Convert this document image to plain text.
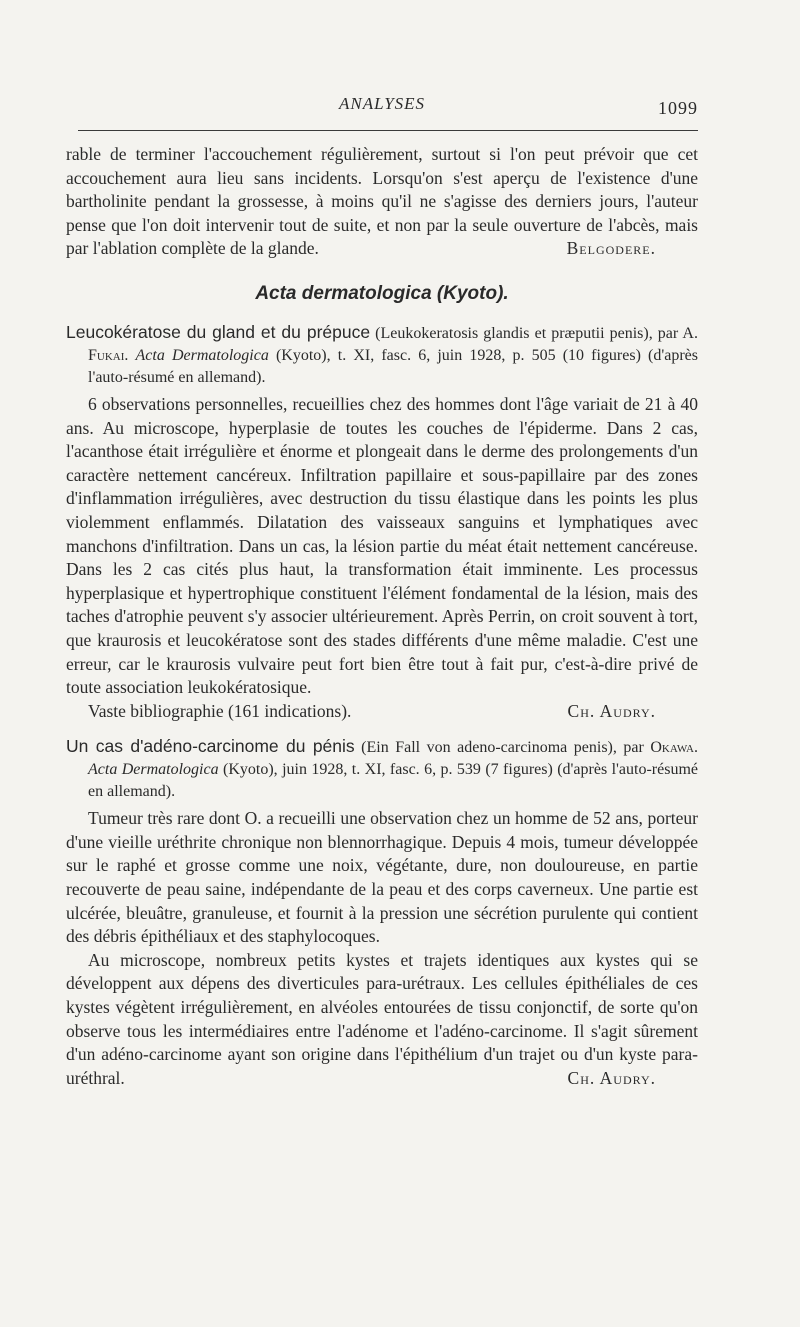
ANALYSES	1099

rable de terminer l'accouchement régulièrement, surtout si l'on peut prévoir que cet accouchement aura lieu sans incidents. Lorsqu'on s'est aperçu de l'existence d'une bartholinite pendant la grossesse, à moins qu'il ne s'agisse des derniers jours, l'auteur pense que l'on doit intervenir tout de suite, et non par la seule ouverture de l'abcès, mais par l'ablation complète de la glande.	Belgodere.

Acta dermatologica (Kyoto).

Leucokératose du gland et du prépuce (Leukokeratosis glandis et præputii penis), par A. Fukai. Acta Dermatologica (Kyoto), t. XI, fasc. 6, juin 1928, p. 505 (10 figures) (d'après l'auto-résumé en allemand).

6 observations personnelles, recueillies chez des hommes dont l'âge variait de 21 à 40 ans. Au microscope, hyperplasie de toutes les couches de l'épiderme. Dans 2 cas, l'acanthose était irrégulière et énorme et plongeait dans le derme des prolongements d'un caractère nettement cancéreux. Infiltration papillaire et sous-papillaire par des zones d'inflammation irrégulières, avec destruction du tissu élastique dans les points les plus violemment enflammés. Dilatation des vaisseaux sanguins et lymphatiques avec manchons d'infiltration. Dans un cas, la lésion partie du méat était nettement cancéreuse. Dans les 2 cas cités plus haut, la transformation était imminente. Les processus hyperplasique et hypertrophique constituent l'élément fondamental de la lésion, mais des taches d'atrophie peuvent s'y associer ultérieurement. Après Perrin, on croit souvent à tort, que kraurosis et leucokératose sont des stades différents d'une même maladie. C'est une erreur, car le kraurosis vulvaire peut fort bien être tout à fait pur, c'est-à-dire privé de toute association leukokératosique.

Vaste bibliographie (161 indications).	Ch. Audry.

Un cas d'adéno-carcinome du pénis (Ein Fall von adeno-carcinoma penis), par Okawa. Acta Dermatologica (Kyoto), juin 1928, t. XI, fasc. 6, p. 539 (7 figures) (d'après l'auto-résumé en allemand).

Tumeur très rare dont O. a recueilli une observation chez un homme de 52 ans, porteur d'une vieille uréthrite chronique non blennorrhagique. Depuis 4 mois, tumeur développée sur le raphé et grosse comme une noix, végétante, dure, non douloureuse, en partie recouverte de peau saine, indépendante de la peau et des corps caverneux. Une partie est ulcérée, bleuâtre, granuleuse, et fournit à la pression une sécrétion purulente qui contient des débris épithéliaux et des staphylocoques.

Au microscope, nombreux petits kystes et trajets identiques aux kystes qui se développent aux dépens des diverticules para-urétraux. Les cellules épithéliales de ces kystes végètent irrégulièrement, en alvéoles entourées de tissu conjonctif, de sorte qu'on observe tous les intermédiaires entre l'adénome et l'adéno-carcinome. Il s'agit sûrement d'un adéno-carcinome ayant son origine dans l'épithélium d'un trajet ou d'un kyste para-uréthral.	Ch. Audry.
